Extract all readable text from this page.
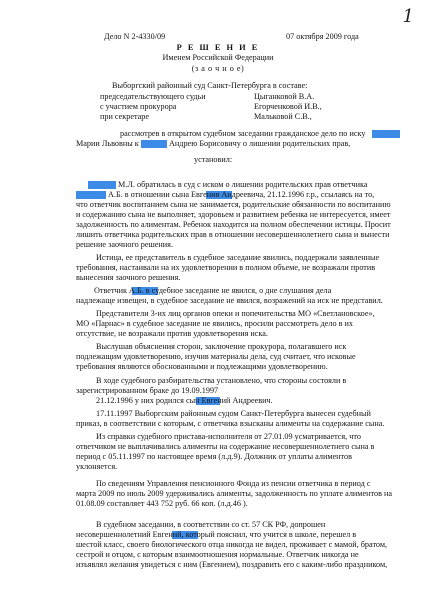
1
Дело N 2-4330/09	07 октября 2009 года
Р Е Ш Е Н И Е
Именем Российской Федерации
(з а о ч н о е)
Выборгский районный суд Санкт-Петербурга в составе:
председательствующего судьи	Цыганковой В.А.
с участием прокурора	Егорченковой И.В.,
при секретаре	Мальковой С.В.,
рассмотрев в открытом судебном заседании гражданское дело по иску
Марии Львовны к	Андрею Борисовичу о лишении родительских прав,
установил:
М.Л. обратилась в суд с иском о лишении родительских прав ответчика
А.Б. в отношении сына Евгения Андреевича, 21.12.1996 г.р., ссылаясь на то,
что ответчик воспитанием сына не занимается, родительские обязанности по воспитанию
и содержанию сына не выполняет, здоровьем и развитием ребенка не интересуется, имеет
задолженность по алиментам. Ребенок находится на полном обеспечении истицы. Просит
лишить ответчика родительских прав в отношении несовершеннолетнего сына и вынести
решение заочного решения.
Истица, ее представитель в судебное заседание явились, поддержали заявленные
требования, настаивали на их удовлетворении в полном объеме, не возражали против
вынесения заочного решения.
Ответчик А.Б. в судебное заседание не явился, о дне слушания дела
надлежаще извещен, в судебное заседание не явился, возражений на иск не представил.
Представители 3-их лиц органов опеки и попечительства МО «Светлановское»,
МО «Парнас» в судебное заседание не явились, просили рассмотреть дело в их
отсутствие, не возражали против удовлетворения иска.
Выслушав объяснения сторон, заключение прокурора, полагавшего иск
подлежащим удовлетворению, изучив материалы дела, суд считает, что исковые
требования являются обоснованными и подлежащими удовлетворению.
В ходе судебного разбирательства установлено, что стороны состояли в
зарегистрированном браке до 19.09.1997
21.12.1996 у них родился сын Евгений Андреевич.
17.11.1997 Выборгским районным судом Санкт-Петербурга вынесен судебный
приказ, в соответствии с которым, с ответчика взысканы алименты на содержание сына.
Из справки судебного пристава-исполнителя от 27.01.09 усматривается, что
ответчиком не выплачивались алименты на содержание несовершеннолетнего сына в
период с 05.11.1997 по настоящее время (л.д.9). Должник от уплаты алиментов
уклоняется.
По сведениям Управления пенсионного Фонда из пенсии ответчика в период с
марта 2009 по июль 2009 удерживались алименты, задолженность по уплате алиментов на
01.08.09 составляет 443 752 руб. 66 коп. (л.д.46 ).
В судебном заседании, в соответствии со ст. 57 СК РФ, допрошен
несовершеннолетний Евгений, который пояснил, что учится в школе, перешел в
шестой класс, своего биологического отца никогда не видел, проживает с мамой, братом,
сестрой и отцом, с которым взаимоотношения нормальные. Ответчик никогда не
изъявлял желания увидеться с ним (Евгением), поздравить его с каким-либо праздником,
